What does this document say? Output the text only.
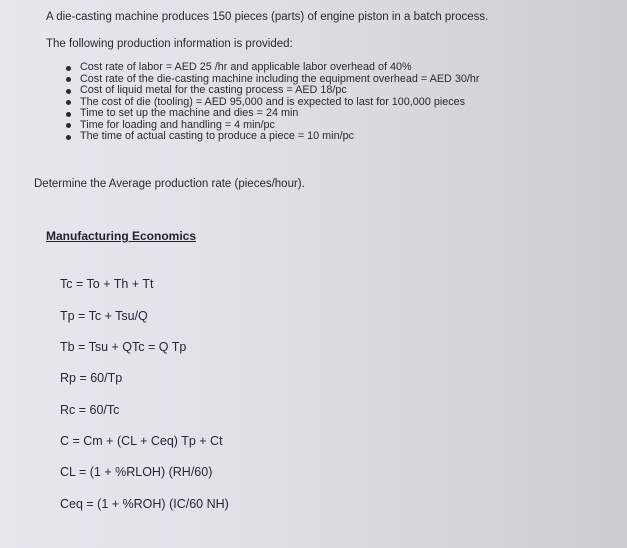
A die-casting machine produces 150 pieces (parts) of engine piston in a batch process.
The following production information is provided:
Cost rate of labor = AED 25 /hr and applicable labor overhead of 40%
Cost rate of the die-casting machine including the equipment overhead = AED 30/hr
Cost of liquid metal for the casting process = AED 18/pc
The cost of die (tooling) = AED 95,000 and is expected to last for 100,000 pieces
Time to set up the machine and dies = 24 min
Time for loading and handling = 4 min/pc
The time of actual casting to produce a piece = 10 min/pc
Determine the Average production rate (pieces/hour).
Manufacturing Economics
Tc = To + Th + Tt
Tp = Tc + Tsu/Q
Tb = Tsu + QTc = Q Tp
Rp = 60/Tp
Rc = 60/Tc
C = Cm + (CL + Ceq) Tp + Ct
CL = (1 + %RLOH) (RH/60)
Ceq = (1 + %ROH) (IC/60 NH)
